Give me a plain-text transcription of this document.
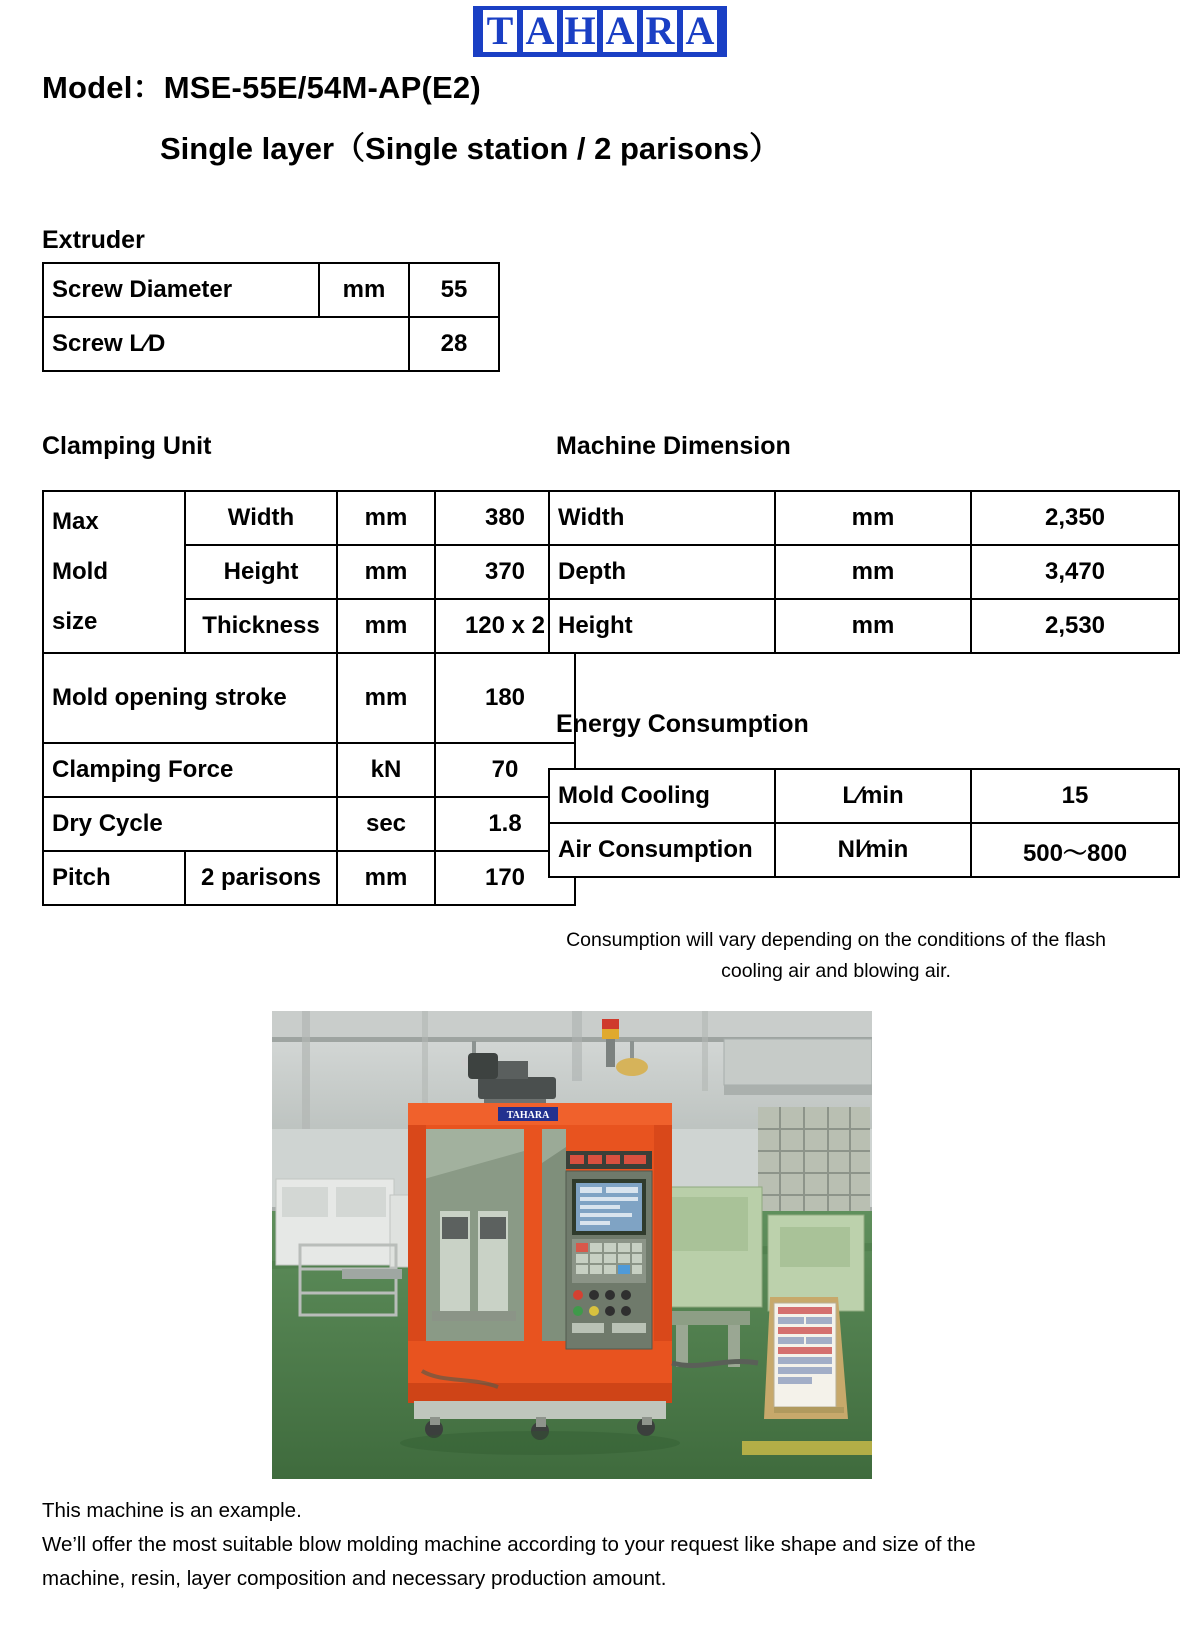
T A H A R A
Model：MSE-55E/54M-AP(E2)
Single layer（Single station / 2 parisons）
Extruder
Screw Diameter	mm	55
Screw L∕D		28
Clamping Unit
Max
Mold
size	Width	mm	380
	Height	mm	370
	Thickness	mm	120 x 2
Mold opening stroke		mm	180
Clamping Force		kN	70
Dry Cycle		sec	1.8
Pitch	2 parisons	mm	170
Machine Dimension
Width	mm	2,350
Depth	mm	3,470
Height	mm	2,530
Energy Consumption
Mold Cooling	L∕min	15
Air Consumption	Nl∕min	500～800
Consumption will vary depending on the conditions of the flash cooling air and blowing air.
TAHARA

This machine is an example.

We’ll offer the most suitable blow molding machine according to your request like shape and size of the

machine, resin, layer composition and necessary production amount.
